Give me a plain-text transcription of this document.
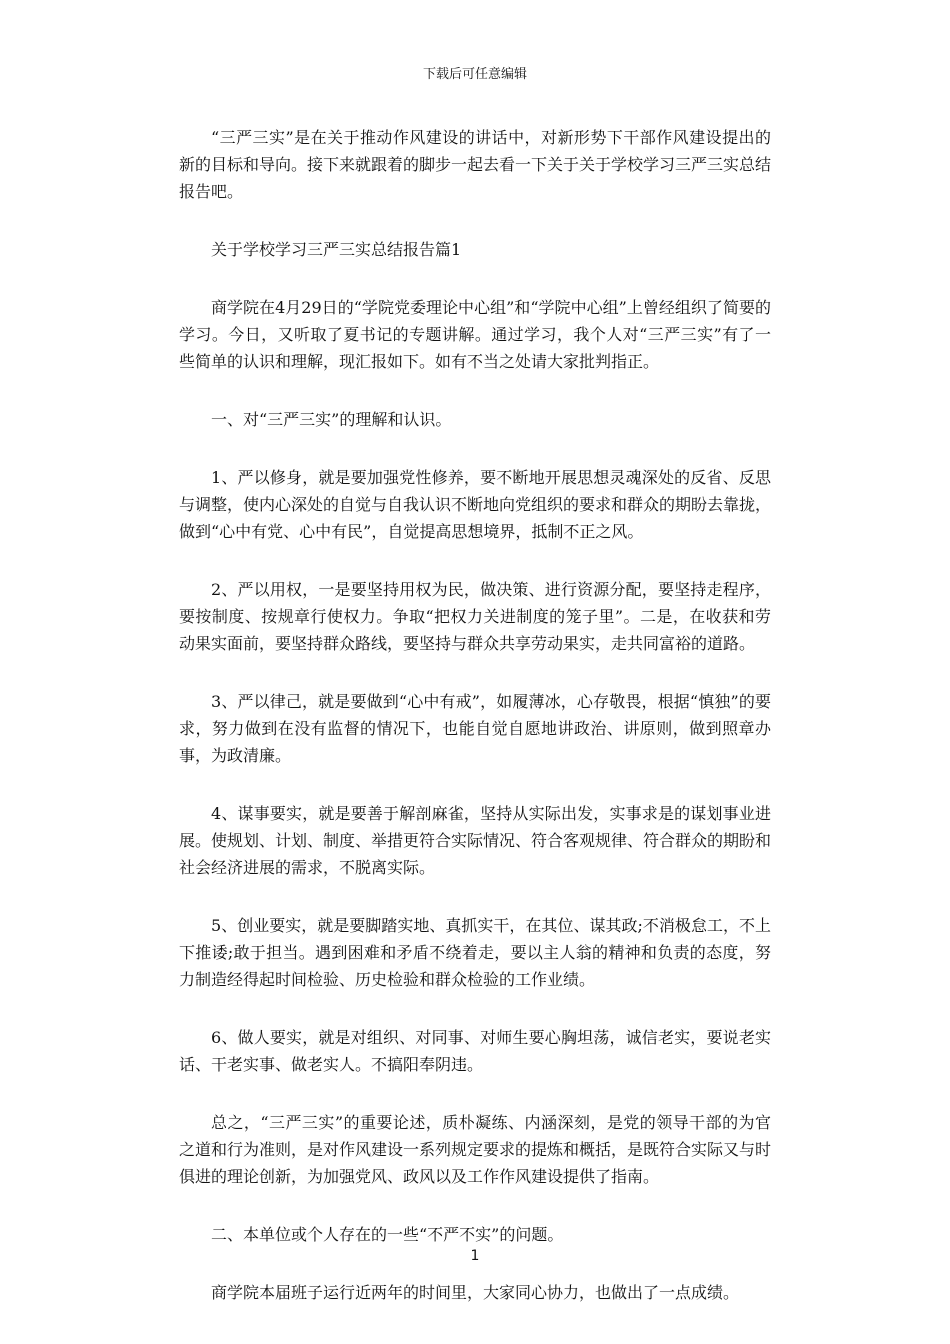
下载后可任意编辑

“三严三实”是在关于推动作风建设的讲话中，对新形势下干部作风建设提出的新的目标和导向。接下来就跟着的脚步一起去看一下关于关于学校学习三严三实总结报告吧。

关于学校学习三严三实总结报告篇1

商学院在4月29日的“学院党委理论中心组”和“学院中心组”上曾经组织了简要的学习。今日，又听取了夏书记的专题讲解。通过学习，我个人对“三严三实”有了一些简单的认识和理解，现汇报如下。如有不当之处请大家批判指正。

一、对“三严三实”的理解和认识。

1、严以修身，就是要加强党性修养，要不断地开展思想灵魂深处的反省、反思与调整，使内心深处的自觉与自我认识不断地向党组织的要求和群众的期盼去靠拢，做到“心中有党、心中有民”，自觉提高思想境界，抵制不正之风。

2、严以用权，一是要坚持用权为民，做决策、进行资源分配，要坚持走程序，要按制度、按规章行使权力。争取“把权力关进制度的笼子里”。二是，在收获和劳动果实面前，要坚持群众路线，要坚持与群众共享劳动果实，走共同富裕的道路。

3、严以律己，就是要做到“心中有戒”，如履薄冰，心存敬畏，根据“慎独”的要求，努力做到在没有监督的情况下，也能自觉自愿地讲政治、讲原则，做到照章办事，为政清廉。

4、谋事要实，就是要善于解剖麻雀，坚持从实际出发，实事求是的谋划事业进展。使规划、计划、制度、举措更符合实际情况、符合客观规律、符合群众的期盼和社会经济进展的需求，不脱离实际。

5、创业要实，就是要脚踏实地、真抓实干，在其位、谋其政;不消极怠工，不上下推诿;敢于担当。遇到困难和矛盾不绕着走，要以主人翁的精神和负责的态度，努力制造经得起时间检验、历史检验和群众检验的工作业绩。

6、做人要实，就是对组织、对同事、对师生要心胸坦荡，诚信老实，要说老实话、干老实事、做老实人。不搞阳奉阴违。

总之，“三严三实”的重要论述，质朴凝练、内涵深刻，是党的领导干部的为官之道和行为准则，是对作风建设一系列规定要求的提炼和概括，是既符合实际又与时俱进的理论创新，为加强党风、政风以及工作作风建设提供了指南。

二、本单位或个人存在的一些“不严不实”的问题。

商学院本届班子运行近两年的时间里，大家同心协力，也做出了一点成绩。

1
